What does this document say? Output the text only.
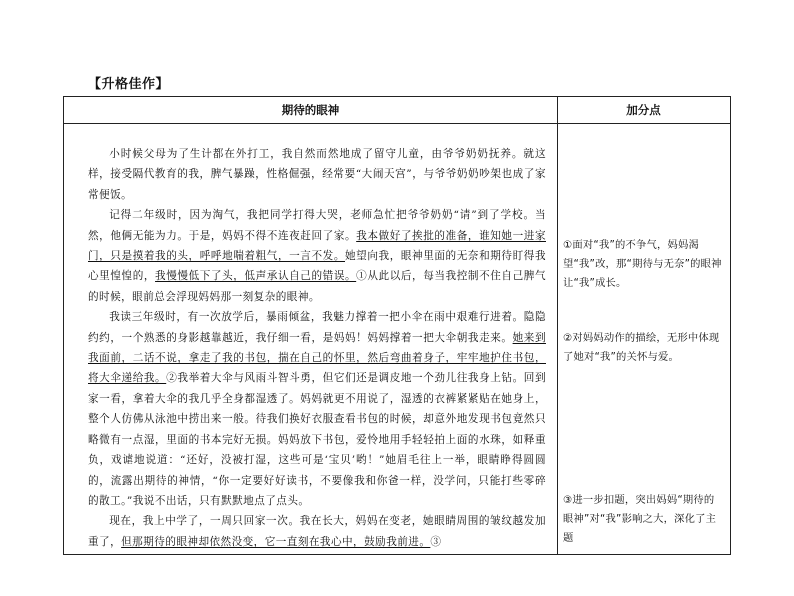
【升格佳作】
期待的眼神	加分点

小时候父母为了生计都在外打工，我自然而然地成了留守儿童，由爷爷奶奶抚养。就这样，接受隔代教育的我，脾气暴躁，性格倔强，经常要“大闹天宫”，与爷爷奶奶吵架也成了家常便饭。

记得二年级时，因为淘气，我把同学打得大哭，老师急忙把爷爷奶奶“请”到了学校。当然，他俩无能为力。于是，妈妈不得不连夜赶回了家。我本做好了挨批的准备，谁知她一进家门，只是摸着我的头，呼呼地喘着粗气，一言不发。她望向我，眼神里面的无奈和期待盯得我心里惶惶的，我慢慢低下了头，低声承认自己的错误。①从此以后，每当我控制不住自己脾气的时候，眼前总会浮现妈妈那一刻复杂的眼神。

我读三年级时，有一次放学后，暴雨倾盆，我魅力撑着一把小伞在雨中艰难行进着。隐隐约约，一个熟悉的身影越靠越近，我仔细一看，是妈妈！妈妈撑着一把大伞朝我走来。她来到我面前，二话不说，拿走了我的书包，揣在自己的怀里，然后弯曲着身子，牢牢地护住书包，将大伞递给我。②我举着大伞与风雨斗智斗勇，但它们还是调皮地一个劲儿往我身上钻。回到家一看，拿着大伞的我几乎全身都湿透了。妈妈就更不用说了，湿透的衣裤紧紧贴在她身上，整个人仿佛从泳池中捞出来一般。待我们换好衣服查看书包的时候，却意外地发现书包竟然只略微有一点湿，里面的书本完好无损。妈妈放下书包，爱怜地用手轻轻拍上面的水珠，如释重负，戏谑地说道：“还好，没被打湿，这些可是‘宝贝’哟！”她眉毛往上一举，眼睛睁得圆圆的，流露出期待的神情，“你一定要好好读书，不要像我和你爸一样，没学问，只能打些零碎的散工。”我说不出话，只有默默地点了点头。

现在，我上中学了，一周只回家一次。我在长大，妈妈在变老，她眼睛周围的皱纹越发加重了，但那期待的眼神却依然没变，它一直刻在我心中，鼓励我前进。③

①面对“我”的不争气，妈妈渴望“我”改，那“期待与无奈”的眼神让“我”成长。

②对妈妈动作的描绘，无形中体现了她对“我”的关怀与爱。

③进一步扣题，突出妈妈“期待的眼神”对“我”影响之大，深化了主题
